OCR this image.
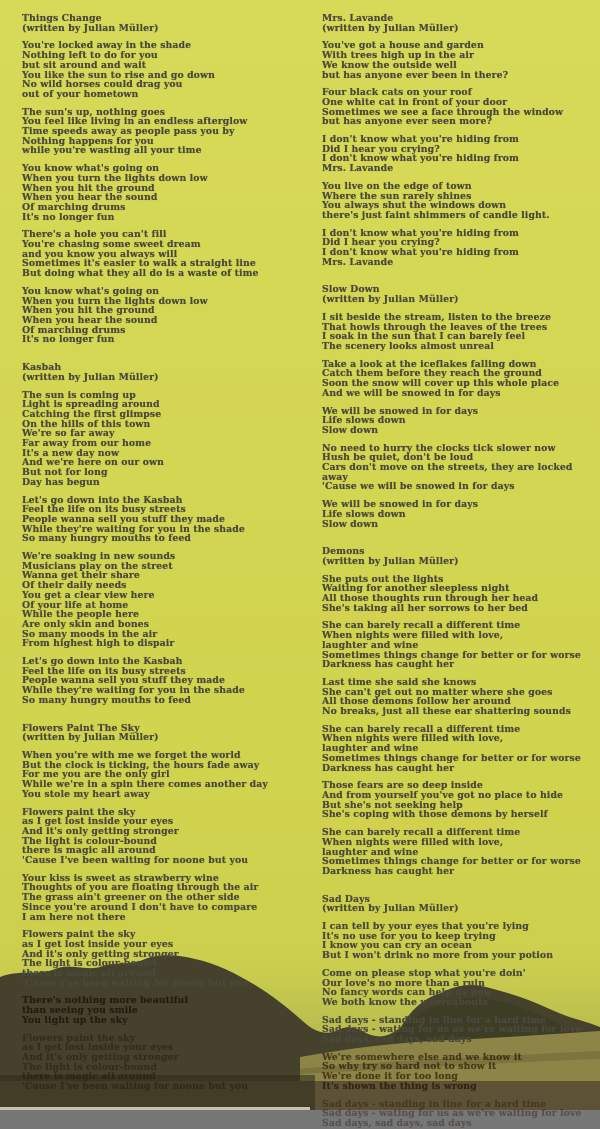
Things Change
(written by Julian Müller)
You're locked away in the shade
Nothing left to do for you
but sit around and wait
You like the sun to rise and go down
No wild horses could drag you
out of your hometown
The sun's up, nothing goes
You feel like living in an endless afterglow
Time speeds away as people pass you by
Nothing happens for you
while you're wasting all your time
You know what's going on
When you turn the lights down low
When you hit the ground
When you hear the sound
Of marching drums
It's no longer fun
There's a hole you can't fill
You're chasing some sweet dream
and you know you always will
Sometimes it's easier to walk a straight line
But doing what they all do is a waste of time
You know what's going on
When you turn the lights down low
When you hit the ground
When you hear the sound
Of marching drums
It's no longer fun
Kasbah
(written by Julian Müller)
The sun is coming up
Light is spreading around
Catching the first glimpse
On the hills of this town
We're so far away
Far away from our home
It's a new day now
And we're here on our own
But not for long
Day has begun
Let's go down into the Kasbah
Feel the life on its busy streets
People wanna sell you stuff they made
While they're waiting for you in the shade
So many hungry mouths to feed
We're soaking in new sounds
Musicians play on the street
Wanna get their share
Of their daily needs
You get a clear view here
Of your life at home
While the people here
Are only skin and bones
So many moods in the air
From highest high to dispair
Let's go down into the Kasbah
Feel the life on its busy streets
People wanna sell you stuff they made
While they're waiting for you in the shade
So many hungry mouths to feed
Flowers Paint The Sky
(written by Julian Müller)
When you're with me we forget the world
But the clock is ticking, the hours fade away
For me you are the only girl
While we're in a spin there comes another day
You stole my heart away
Flowers paint the sky
as I get lost inside your eyes
And it's only getting stronger
The light is colour-bound
there is magic all around
'Cause I've been waiting for noone but you
Your kiss is sweet as strawberry wine
Thoughts of you are floating through the air
The grass ain't greener on the other side
Since you're around I don't have to compare
I am here not there
Flowers paint the sky
as I get lost inside your eyes
And it's only getting stronger
The light is colour-bound
there is magic all around
'Cause I've been waiting for noone but you
There's nothing more beautiful
than seeing you smile
You light up the sky
Flowers paint the sky
as I get lost inside your eyes
And it's only getting stronger
The light is colour-bound
there is magic all around
'Cause I've been waiting for noone but you
Mrs. Lavande
(written by Julian Müller)
You've got a house and garden
With trees high up in the air
We know the outside well
but has anyone ever been in there?
Four black cats on your roof
One white cat in front of your door
Sometimes we see a face through the window
but has anyone ever seen more?
I don't know what you're hiding from
Did I hear you crying?
I don't know what you're hiding from
Mrs. Lavande
You live on the edge of town
Where the sun rarely shines
You always shut the windows down
there's just faint shimmers of candle light.
I don't know what you're hiding from
Did I hear you crying?
I don't know what you're hiding from
Mrs. Lavande
Slow Down
(written by Julian Müller)
I sit beside the stream, listen to the breeze
That howls through the leaves of the trees
I soak in the sun that I can barely feel
The scenery looks almost unreal
Take a look at the iceflakes falling down
Catch them before they reach the ground
Soon the snow will cover up this whole place
And we will be snowed in for days
We will be snowed in for days
Life slows down
Slow down
No need to hurry the clocks tick slower now
Hush be quiet, don't be loud
Cars don't move on the streets, they are locked
away
'Cause we will be snowed in for days
We will be snowed in for days
Life slows down
Slow down
Demons
(written by Julian Müller)
She puts out the lights
Waiting for another sleepless night
All those thoughts run through her head
She's taking all her sorrows to her bed
She can barely recall a different time
When nights were filled with love,
laughter and wine
Sometimes things change for better or for worse
Darkness has caught her
Last time she said she knows
She can't get out no matter where she goes
All those demons follow her around
No breaks, just all these ear shattering sounds
She can barely recall a different time
When nights were filled with love,
laughter and wine
Sometimes things change for better or for worse
Darkness has caught her
Those fears are so deep inside
And from yourself you've got no place to hide
But she's not seeking help
She's coping with those demons by herself
She can barely recall a different time
When nights were filled with love,
laughter and wine
Sometimes things change for better or for worse
Darkness has caught her
Sad Days
(written by Julian Müller)
I can tell by your eyes that you're lying
It's no use for you to keep trying
I know you can cry an ocean
But I won't drink no more from your potion
Come on please stop what you're doin'
Our love's no more than a ruin
No fancy words can help us now
We both know the whereabouts
Sad days - standing in line for a hard time
Sad days - wating for us as we're waiting for love
Sad days, sad days, sad days
We're somewhere else and we know it
So why try so hard not to show it
We're done it for too long
It's shown the thing is wrong
Sad days - standing in line for a hard time
Sad days - wating for us as we're waiting for love
Sad days, sad days, sad days
